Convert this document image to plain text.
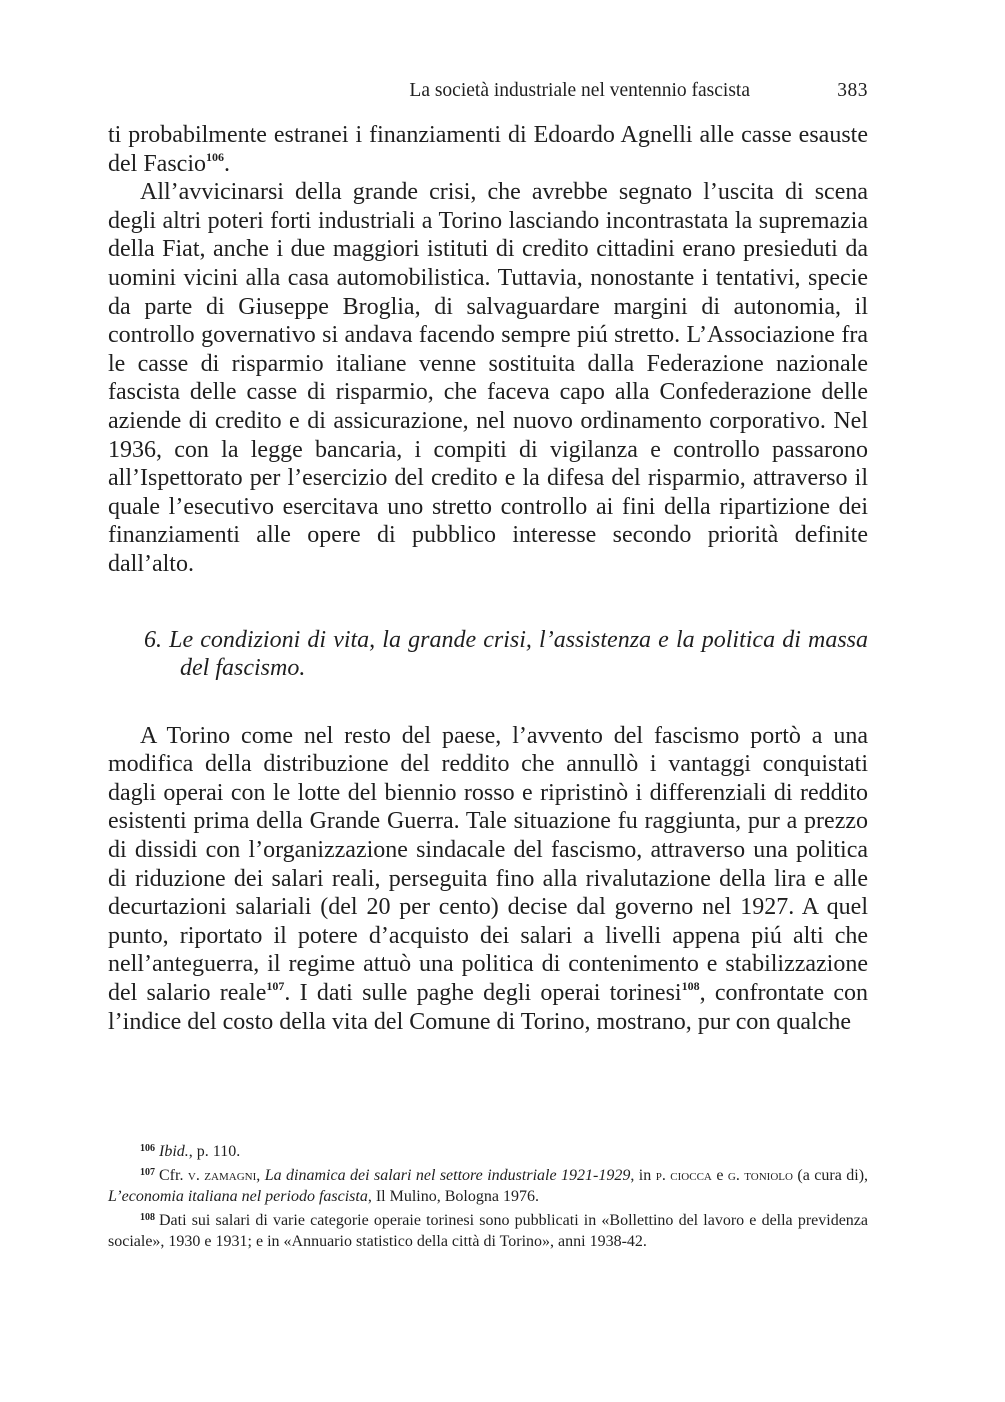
La società industriale nel ventennio fascista	383

ti probabilmente estranei i finanziamenti di Edoardo Agnelli alle casse esauste del Fascio$^{106}$.

All’avvicinarsi della grande crisi, che avrebbe segnato l’uscita di scena degli altri poteri forti industriali a Torino lasciando incontrastata la supremazia della Fiat, anche i due maggiori istituti di credito cittadini erano presieduti da uomini vicini alla casa automobilistica. Tuttavia, nonostante i tentativi, specie da parte di Giuseppe Broglia, di salvaguardare margini di autonomia, il controllo governativo si andava facendo sempre piú stretto. L’Associazione fra le casse di risparmio italiane venne sostituita dalla Federazione nazionale fascista delle casse di risparmio, che faceva capo alla Confederazione delle aziende di credito e di assicurazione, nel nuovo ordinamento corporativo. Nel 1936, con la legge bancaria, i compiti di vigilanza e controllo passarono all’Ispettorato per l’esercizio del credito e la difesa del risparmio, attraverso il quale l’esecutivo esercitava uno stretto controllo ai fini della ripartizione dei finanziamenti alle opere di pubblico interesse secondo priorità definite dall’alto.

6. Le condizioni di vita, la grande crisi, l’assistenza e la politica di massa del fascismo.

A Torino come nel resto del paese, l’avvento del fascismo portò a una modifica della distribuzione del reddito che annullò i vantaggi conquistati dagli operai con le lotte del biennio rosso e ripristinò i differenziali di reddito esistenti prima della Grande Guerra. Tale situazione fu raggiunta, pur a prezzo di dissidi con l’organizzazione sindacale del fascismo, attraverso una politica di riduzione dei salari reali, perseguita fino alla rivalutazione della lira e alle decurtazioni salariali (del 20 per cento) decise dal governo nel 1927. A quel punto, riportato il potere d’acquisto dei salari a livelli appena piú alti che nell’anteguerra, il regime attuò una politica di contenimento e stabilizzazione del salario reale$^{107}$. I dati sulle paghe degli operai torinesi$^{108}$, confrontate con l’indice del costo della vita del Comune di Torino, mostrano, pur con qualche

$^{106}$ Ibid., p. 110.

$^{107}$ Cfr. v. zamagni, La dinamica dei salari nel settore industriale 1921-1929, in p. ciocca e g. toniolo (a cura di), L’economia italiana nel periodo fascista, Il Mulino, Bologna 1976.

$^{108}$ Dati sui salari di varie categorie operaie torinesi sono pubblicati in «Bollettino del lavoro e della previdenza sociale», 1930 e 1931; e in «Annuario statistico della città di Torino», anni 1938-42.
